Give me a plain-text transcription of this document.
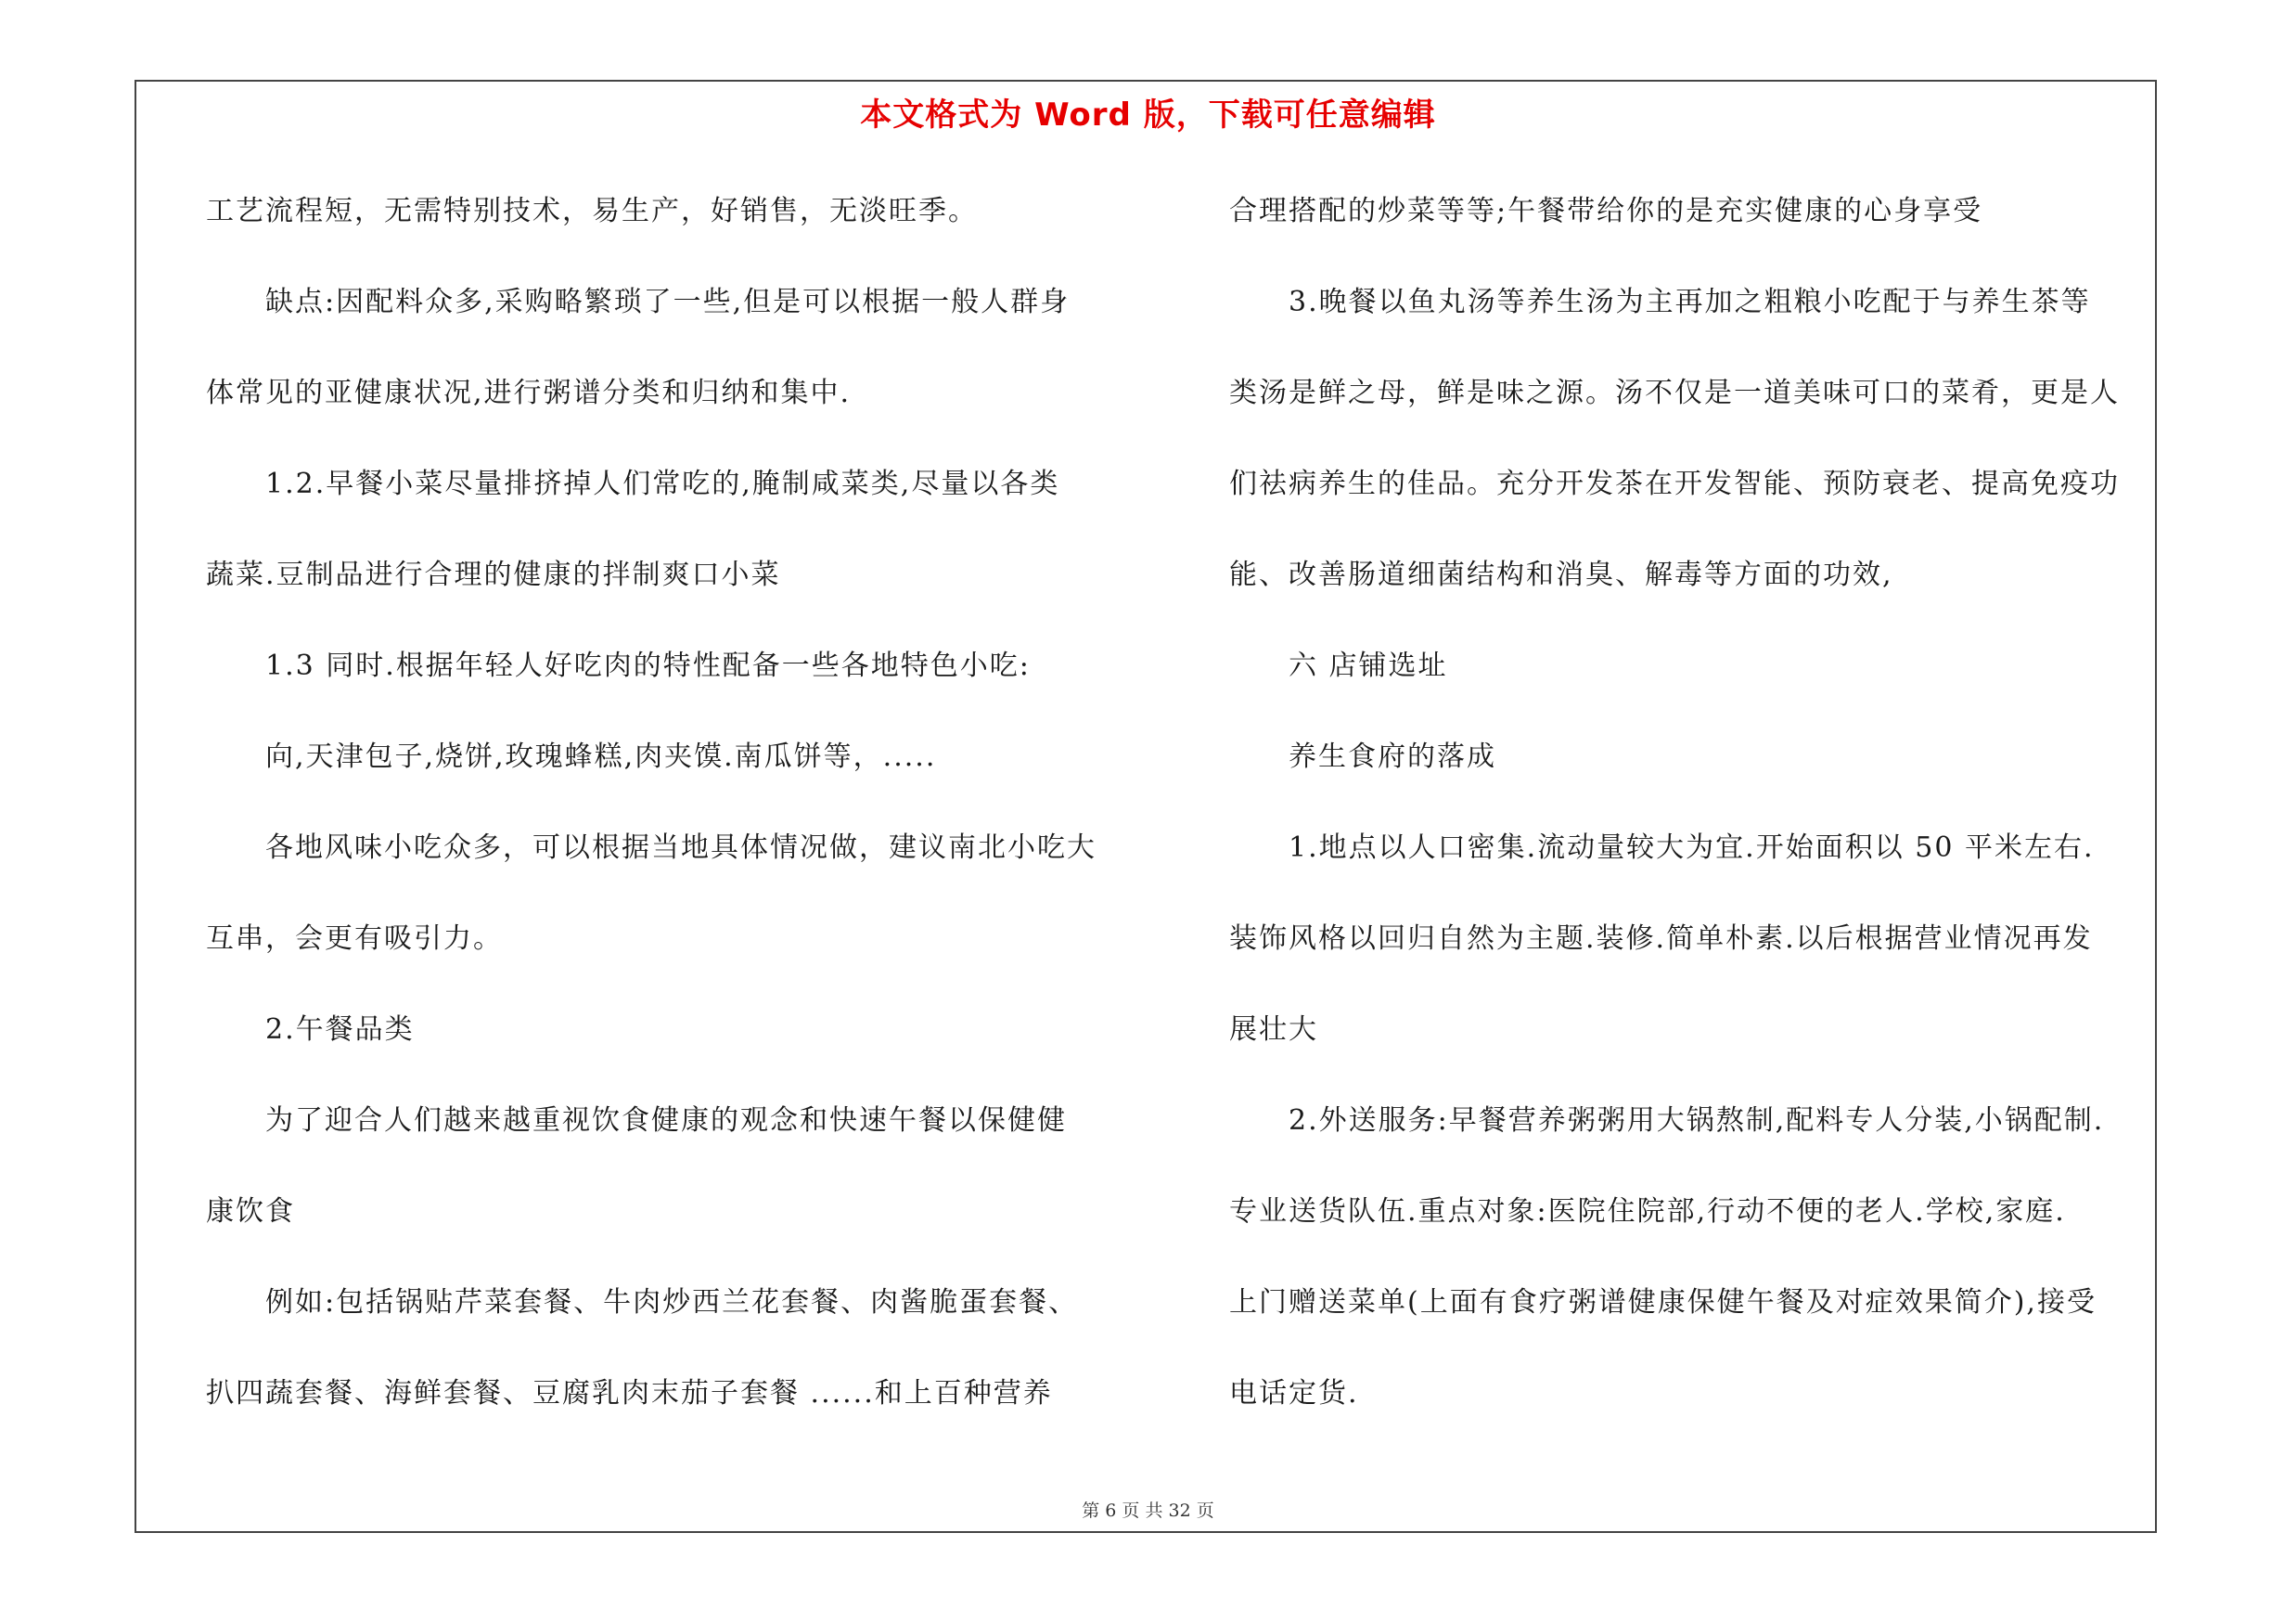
本文格式为 Word 版，下载可任意编辑
工艺流程短，无需特别技术，易生产，好销售，无淡旺季。
缺点:因配料众多,采购略繁琐了一些,但是可以根据一般人群身
体常见的亚健康状况,进行粥谱分类和归纳和集中.
1.2.早餐小菜尽量排挤掉人们常吃的,腌制咸菜类,尽量以各类
蔬菜.豆制品进行合理的健康的拌制爽口小菜
1.3 同时.根据年轻人好吃肉的特性配备一些各地特色小吃:
向,天津包子,烧饼,玫瑰蜂糕,肉夹馍.南瓜饼等，.....
各地风味小吃众多，可以根据当地具体情况做，建议南北小吃大
互串，会更有吸引力。
2.午餐品类
为了迎合人们越来越重视饮食健康的观念和快速午餐以保健健
康饮食
例如:包括锅贴芹菜套餐、牛肉炒西兰花套餐、肉酱脆蛋套餐、
扒四蔬套餐、海鲜套餐、豆腐乳肉末茄子套餐 ......和上百种营养
合理搭配的炒菜等等;午餐带给你的是充实健康的心身享受
3.晚餐以鱼丸汤等养生汤为主再加之粗粮小吃配于与养生茶等
类汤是鲜之母，鲜是味之源。汤不仅是一道美味可口的菜肴，更是人
们祛病养生的佳品。充分开发茶在开发智能、预防衰老、提高免疫功
能、改善肠道细菌结构和消臭、解毒等方面的功效,
六 店铺选址
养生食府的落成
1.地点以人口密集.流动量较大为宜.开始面积以 50 平米左右.
装饰风格以回归自然为主题.装修.简单朴素.以后根据营业情况再发
展壮大
2.外送服务:早餐营养粥粥用大锅熬制,配料专人分装,小锅配制.
专业送货队伍.重点对象:医院住院部,行动不便的老人.学校,家庭.
上门赠送菜单(上面有食疗粥谱健康保健午餐及对症效果简介),接受
电话定货.
第 6 页 共 32 页
